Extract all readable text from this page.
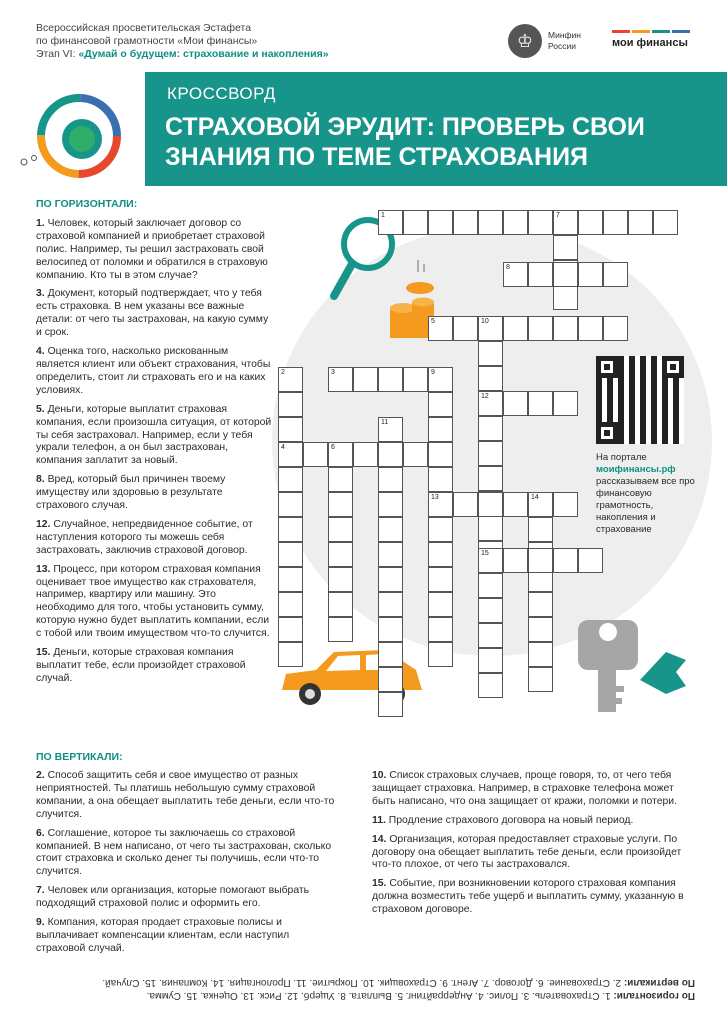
Всероссийская просветительская Эстафета
по финансовой грамотности «Мои финансы»
Этап VI: «Думай о будущем: страхование и накопления»
♔	Минфин
России	мои финансы
КРОССВОРД
СТРАХОВОЙ ЭРУДИТ: ПРОВЕРЬ СВОИ ЗНАНИЯ ПО ТЕМЕ СТРАХОВАНИЯ
На портале
моифинансы.рф
рассказываем все про финансовую грамотность, накопления и страхование
1	7
8
5	10
12
3	9
13
2
4	6
11
14
15
ПО ГОРИЗОНТАЛИ:
1. Человек, который заключает договор со страховой компанией и приобретает страховой полис. Например, ты решил застраховать свой велосипед от поломки и обратился в страховую компанию. Кто ты в этом случае?
3. Документ, который подтверждает, что у тебя есть страховка. В нем указаны все важные детали: от чего ты застрахован, на какую сумму и срок.
4. Оценка того, насколько рискованным является клиент или объект страхования, чтобы определить, стоит ли страховать его и на каких условиях.
5. Деньги, которые выплатит страховая компания, если произошла ситуация, от которой ты себя застраховал. Например, если у тебя украли телефон, а он был застрахован, компания заплатит за новый.
8. Вред, который был причинен твоему имуществу или здоровью в результате страхового случая.
12. Случайное, непредвиденное событие, от наступления которого ты можешь себя застраховать, заключив страховой договор.
13. Процесс, при котором страховая компания оценивает твое имущество как страхователя, например, квартиру или машину. Это необходимо для того, чтобы установить сумму, которую нужно будет выплатить компании, если с тобой или твоим имуществом что-то случится.
15. Деньги, которые страховая компания выплатит тебе, если произойдет страховой случай.
ПО ВЕРТИКАЛИ:
2. Способ защитить себя и свое имущество от разных неприятностей. Ты платишь небольшую сумму страховой компании, а она обещает выплатить тебе деньги, если что-то случится.
6. Соглашение, которое ты заключаешь со страховой компанией. В нем написано, от чего ты застрахован, сколько стоит страховка и сколько денег ты получишь, если что-то случится.
7. Человек или организация, которые помогают выбрать подходящий страховой полис и оформить его.
9. Компания, которая продает страховые полисы и выплачивает компенсации клиентам, если наступил страховой случай.
10. Список страховых случаев, проще говоря, то, от чего тебя защищает страховка. Например, в страховке телефона может быть написано, что она защищает от кражи, поломки и потери.
11. Продление страхового договора на новый период.
14. Организация, которая предоставляет страховые услуги. По договору она обещает выплатить тебе деньги, если произойдет что-то плохое, от чего ты застраховался.
15. Событие, при возникновении которого страховая компания должна возместить тебе ущерб и выплатить сумму, указанную в страховом договоре.
По горизонтали: 1. Страхователь. 3. Полис. 4. Андеррайтинг. 5. Выплата. 8. Ущерб. 12. Риск. 13. Оценка. 15. Сумма.
По вертикали: 2. Страхование. 6. Договор. 7. Агент. 9. Страховщик. 10. Покрытие. 11. Пролонгация. 14. Компания. 15. Случай.
